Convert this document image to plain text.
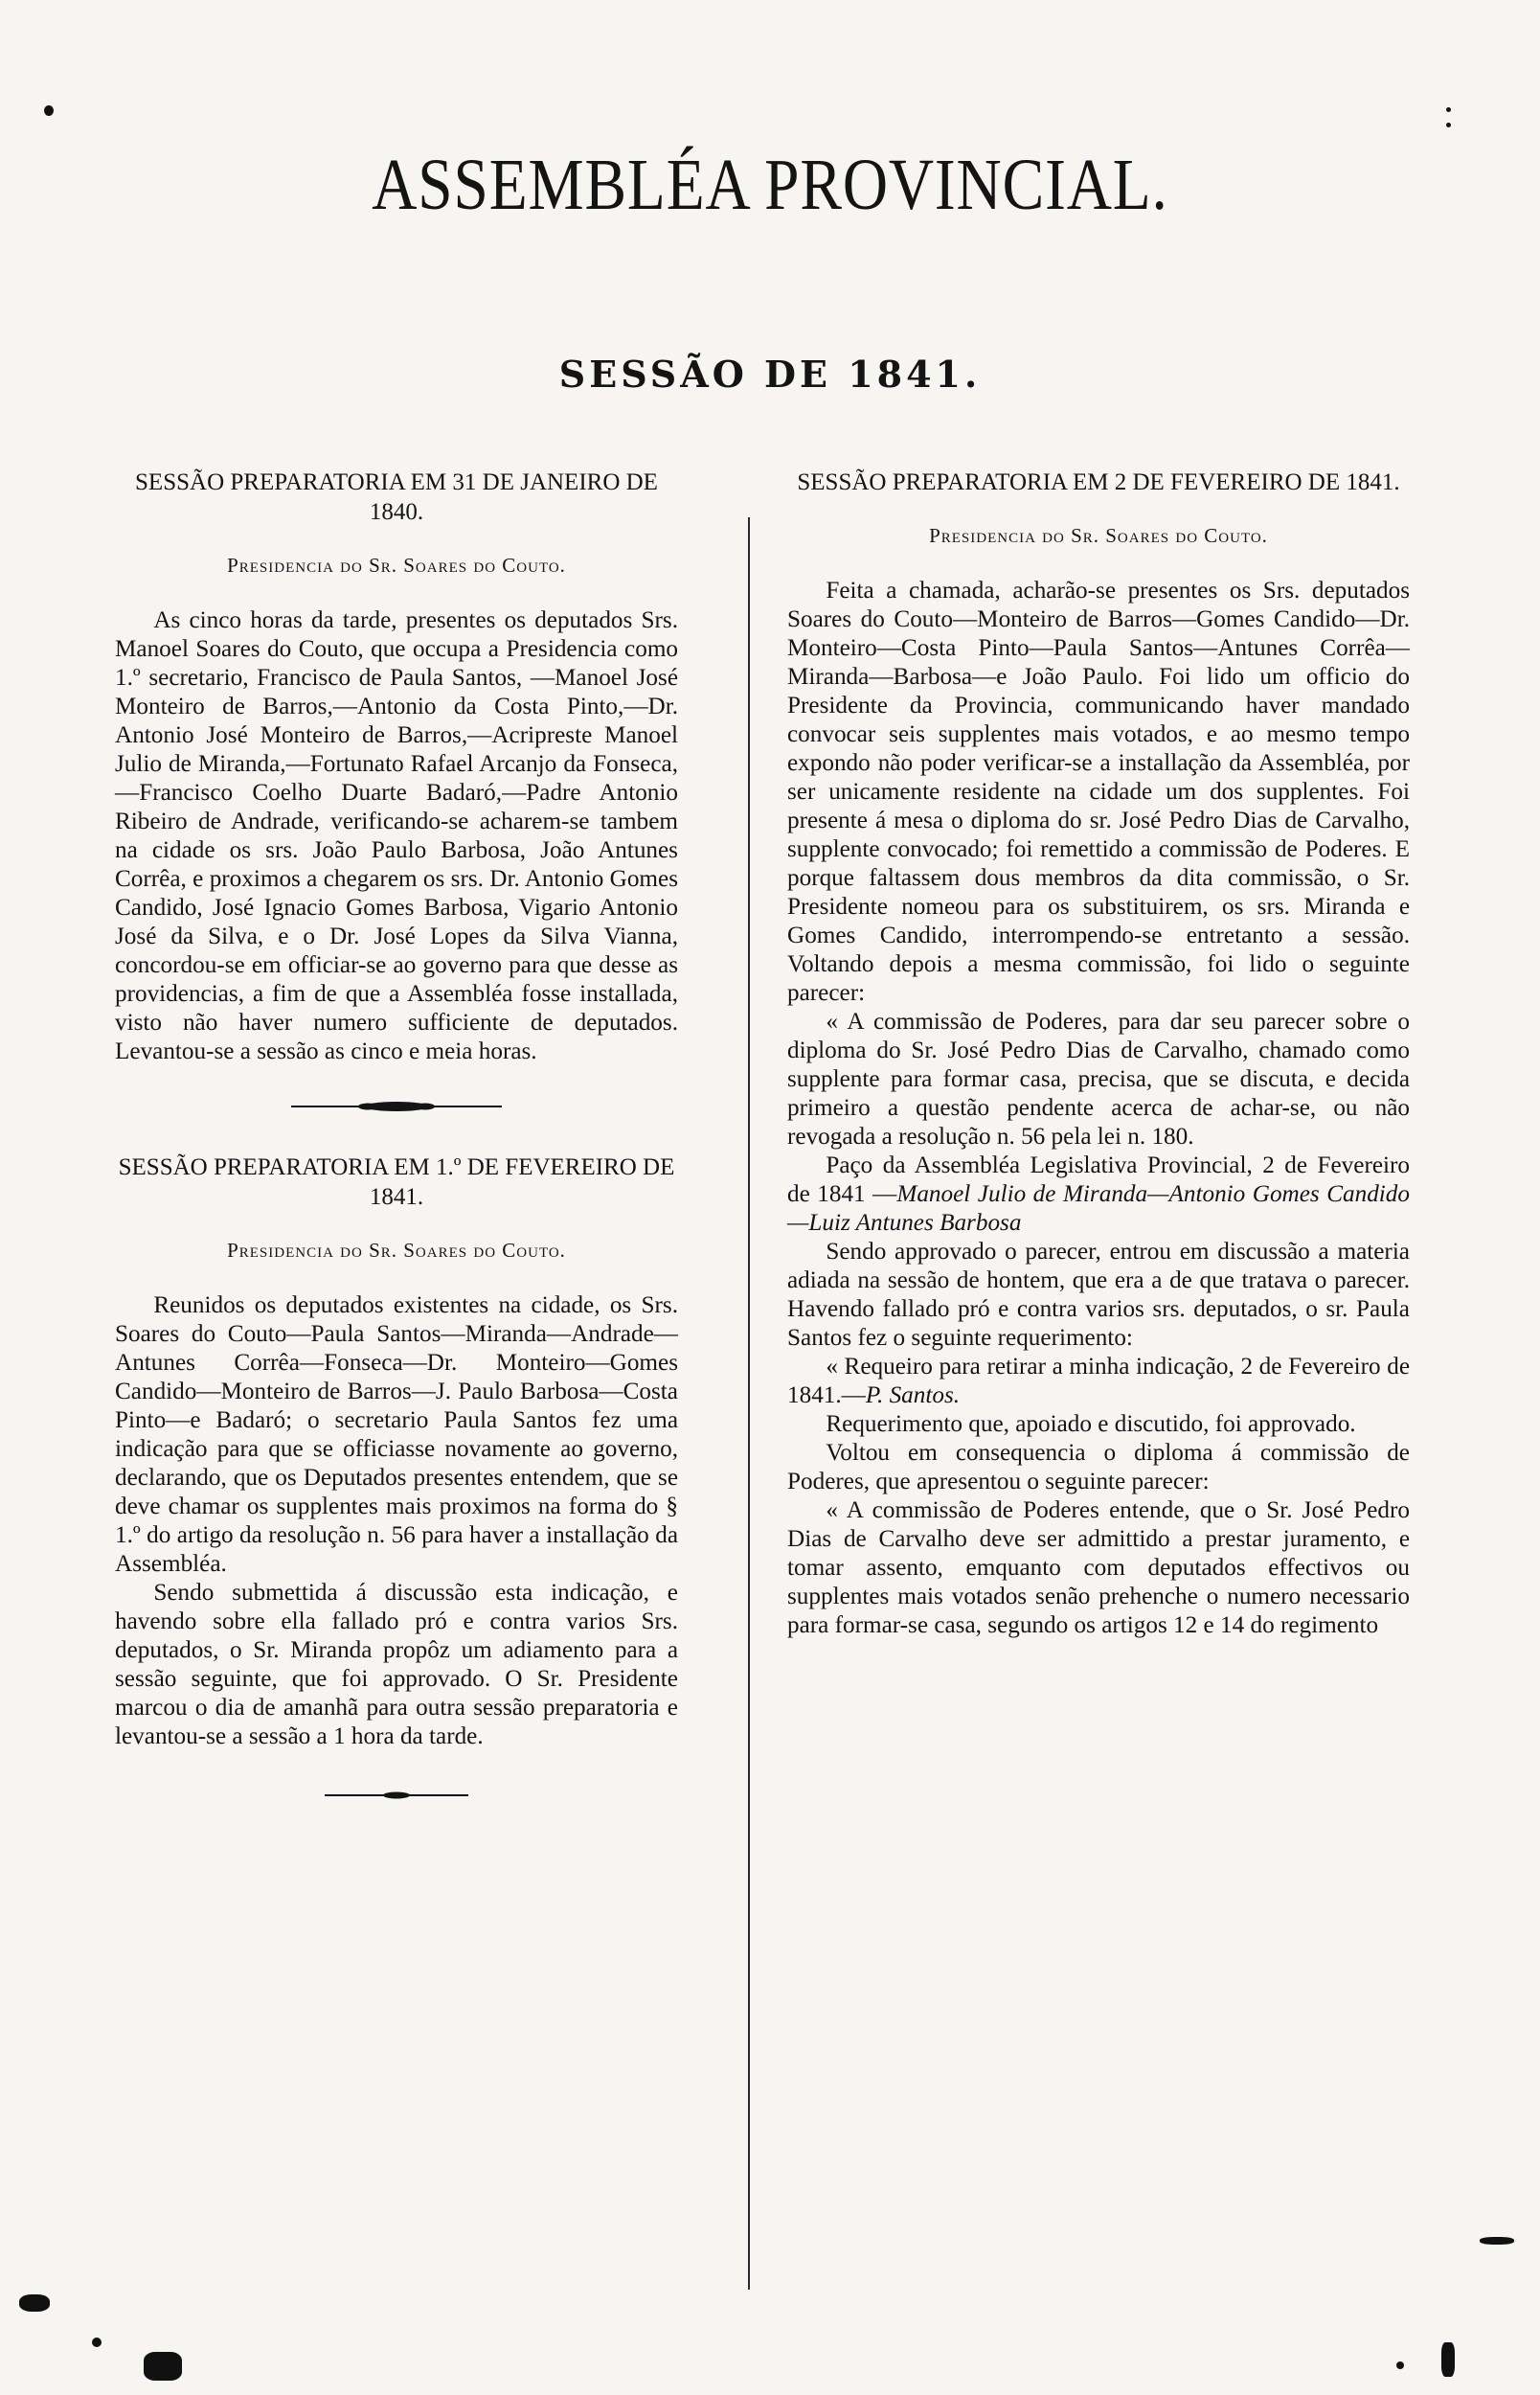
ASSEMBLÉA PROVINCIAL.
SESSÃO DE 1841.

SESSÃO PREPARATORIA EM 31 DE JANEIRO DE 1840.

Presidencia do Sr. Soares do Couto.

As cinco horas da tarde, presentes os deputados Srs. Manoel Soares do Couto, que occupa a Presidencia como 1.º secretario, Francisco de Paula Santos, —Manoel José Monteiro de Barros,—Antonio da Costa Pinto,—Dr. Antonio José Monteiro de Barros,—Acripreste Manoel Julio de Miranda,—Fortunato Rafael Arcanjo da Fonseca,—Francisco Coelho Duarte Badaró,—Padre Antonio Ribeiro de Andrade, verificando-se acharem-se tambem na cidade os srs. João Paulo Barbosa, João Antunes Corrêa, e proximos a chegarem os srs. Dr. Antonio Gomes Candido, José Ignacio Gomes Barbosa, Vigario Antonio José da Silva, e o Dr. José Lopes da Silva Vianna, concordou-se em officiar-se ao governo para que desse as providencias, a fim de que a Assembléa fosse installada, visto não haver numero sufficiente de deputados. Levantou-se a sessão as cinco e meia horas.

SESSÃO PREPARATORIA EM 1.º DE FEVEREIRO DE 1841.

Presidencia do Sr. Soares do Couto.

Reunidos os deputados existentes na cidade, os Srs. Soares do Couto—Paula Santos—Miranda—Andrade—Antunes Corrêa—Fonseca—Dr. Monteiro—Gomes Candido—Monteiro de Barros—J. Paulo Barbosa—Costa Pinto—e Badaró; o secretario Paula Santos fez uma indicação para que se officiasse novamente ao governo, declarando, que os Deputados presentes entendem, que se deve chamar os supplentes mais proximos na forma do § 1.º do artigo da resolução n. 56 para haver a installação da Assembléa.

Sendo submettida á discussão esta indicação, e havendo sobre ella fallado pró e contra varios Srs. deputados, o Sr. Miranda propôz um adiamento para a sessão seguinte, que foi approvado. O Sr. Presidente marcou o dia de amanhã para outra sessão preparatoria e levantou-se a sessão a 1 hora da tarde.

SESSÃO PREPARATORIA EM 2 DE FEVEREIRO DE 1841.

Presidencia do Sr. Soares do Couto.

Feita a chamada, acharão-se presentes os Srs. deputados Soares do Couto—Monteiro de Barros—Gomes Candido—Dr. Monteiro—Costa Pinto—Paula Santos—Antunes Corrêa—Miranda—Barbosa—e João Paulo. Foi lido um officio do Presidente da Provincia, communicando haver mandado convocar seis supplentes mais votados, e ao mesmo tempo expondo não poder verificar-se a installação da Assembléa, por ser unicamente residente na cidade um dos supplentes. Foi presente á mesa o diploma do sr. José Pedro Dias de Carvalho, supplente convocado; foi remettido a commissão de Poderes. E porque faltassem dous membros da dita commissão, o Sr. Presidente nomeou para os substituirem, os srs. Miranda e Gomes Candido, interrompendo-se entretanto a sessão. Voltando depois a mesma commissão, foi lido o seguinte parecer:

« A commissão de Poderes, para dar seu parecer sobre o diploma do Sr. José Pedro Dias de Carvalho, chamado como supplente para formar casa, precisa, que se discuta, e decida primeiro a questão pendente acerca de achar-se, ou não revogada a resolução n. 56 pela lei n. 180.

Paço da Assembléa Legislativa Provincial, 2 de Fevereiro de 1841 —Manoel Julio de Miranda—Antonio Gomes Candido—Luiz Antunes Barbosa

Sendo approvado o parecer, entrou em discussão a materia adiada na sessão de hontem, que era a de que tratava o parecer. Havendo fallado pró e contra varios srs. deputados, o sr. Paula Santos fez o seguinte requerimento:

« Requeiro para retirar a minha indicação, 2 de Fevereiro de 1841.—P. Santos.

Requerimento que, apoiado e discutido, foi approvado.

Voltou em consequencia o diploma á commissão de Poderes, que apresentou o seguinte parecer:

« A commissão de Poderes entende, que o Sr. José Pedro Dias de Carvalho deve ser admittido a prestar juramento, e tomar assento, emquanto com deputados effectivos ou supplentes mais votados senão prehenche o numero necessario para formar-se casa, segundo os artigos 12 e 14 do regimento
